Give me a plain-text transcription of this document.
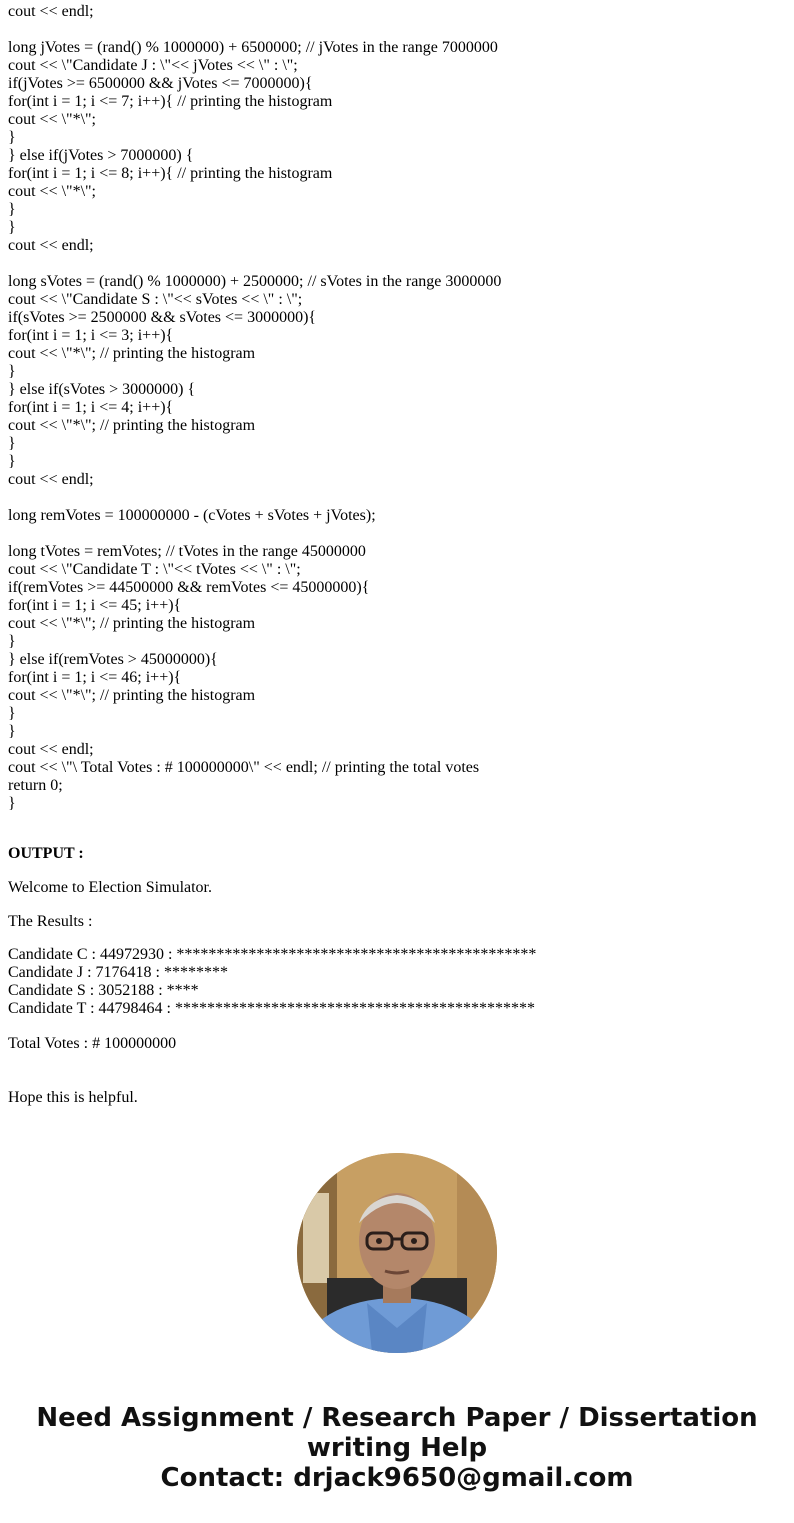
cout << endl;
long jVotes = (rand() % 1000000) + 6500000; // jVotes in the range 7000000
cout << \"Candidate J : \"<< jVotes << \" : \";
if(jVotes >= 6500000 && jVotes <= 7000000){
for(int i = 1; i <= 7; i++){ // printing the histogram
cout << \"*\";
}
} else if(jVotes > 7000000) {
for(int i = 1; i <= 8; i++){ // printing the histogram
cout << \"*\";
}
}
cout << endl;
long sVotes = (rand() % 1000000) + 2500000; // sVotes in the range 3000000
cout << \"Candidate S : \"<< sVotes << \" : \";
if(sVotes >= 2500000 && sVotes <= 3000000){
for(int i = 1; i <= 3; i++){
cout << \"*\"; // printing the histogram
}
} else if(sVotes > 3000000) {
for(int i = 1; i <= 4; i++){
cout << \"*\"; // printing the histogram
}
}
cout << endl;
long remVotes = 100000000 - (cVotes + sVotes + jVotes);
long tVotes = remVotes; // tVotes in the range 45000000
cout << \"Candidate T : \"<< tVotes << \" : \";
if(remVotes >= 44500000 && remVotes <= 45000000){
for(int i = 1; i <= 45; i++){
cout << \"*\"; // printing the histogram
}
} else if(remVotes > 45000000){
for(int i = 1; i <= 46; i++){
cout << \"*\"; // printing the histogram
}
}
cout << endl;
cout << \"\ Total Votes : # 100000000\" << endl; // printing the total votes
return 0;
}
OUTPUT :
Welcome to Election Simulator.
The Results :
Candidate C : 44972930 : *********************************************
Candidate J : 7176418 : ********
Candidate S : 3052188 : ****
Candidate T : 44798464 : *********************************************
Total Votes : # 100000000
Hope this is helpful.
Need Assignment / Research Paper / Dissertation
writing Help
Contact: drjack9650@gmail.com
